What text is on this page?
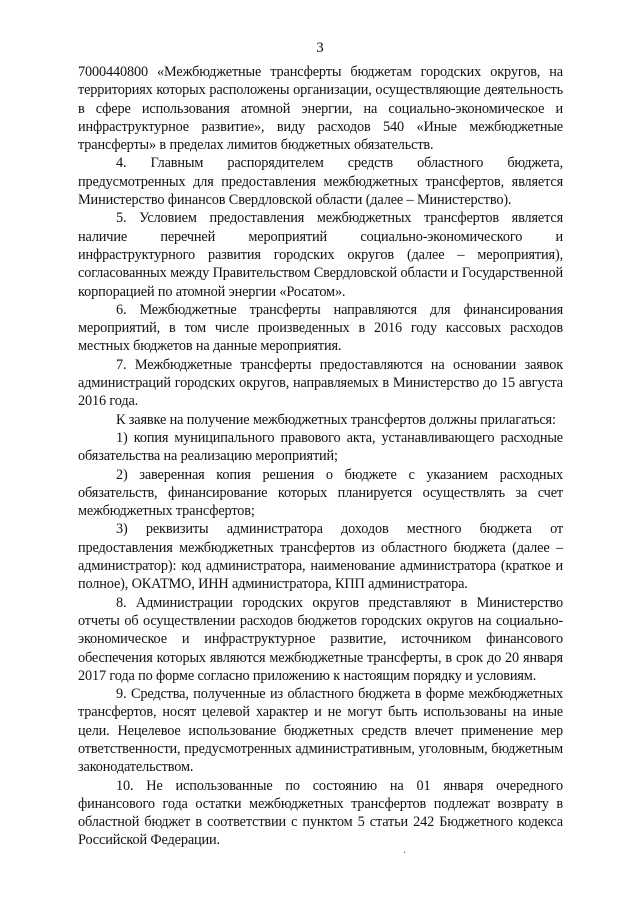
3

7000440800 «Межбюджетные трансферты бюджетам городских округов, на территориях которых расположены организации, осуществляющие деятельность в сфере использования атомной энергии, на социально-экономическое и инфраструктурное развитие», виду расходов 540 «Иные межбюджетные трансферты» в пределах лимитов бюджетных обязательств.

4. Главным распорядителем средств областного бюджета, предусмотренных для предоставления межбюджетных трансфертов, является Министерство финансов Свердловской области (далее – Министерство).

5. Условием предоставления межбюджетных трансфертов является наличие перечней мероприятий социально-экономического и инфраструктурного развития городских округов (далее – мероприятия), согласованных между Правительством Свердловской области и Государственной корпорацией по атомной энергии «Росатом».

6. Межбюджетные трансферты направляются для финансирования мероприятий, в том числе произведенных в 2016 году кассовых расходов местных бюджетов на данные мероприятия.

7. Межбюджетные трансферты предоставляются на основании заявок администраций городских округов, направляемых в Министерство до 15 августа 2016 года.

К заявке на получение межбюджетных трансфертов должны прилагаться:

1) копия муниципального правового акта, устанавливающего расходные обязательства на реализацию мероприятий;

2) заверенная копия решения о бюджете с указанием расходных обязательств, финансирование которых планируется осуществлять за счет межбюджетных трансфертов;

3) реквизиты администратора доходов местного бюджета от предоставления межбюджетных трансфертов из областного бюджета (далее – администратор): код администратора, наименование администратора (краткое и полное), ОКАТМО, ИНН администратора, КПП администратора.

8. Администрации городских округов представляют в Министерство отчеты об осуществлении расходов бюджетов городских округов на социально-экономическое и инфраструктурное развитие, источником финансового обеспечения которых являются межбюджетные трансферты, в срок до 20 января 2017 года по форме согласно приложению к настоящим порядку и условиям.

9. Средства, полученные из областного бюджета в форме межбюджетных трансфертов, носят целевой характер и не могут быть использованы на иные цели. Нецелевое использование бюджетных средств влечет применение мер ответственности, предусмотренных административным, уголовным, бюджетным законодательством.

10. Не использованные по состоянию на 01 января очередного финансового года остатки межбюджетных трансфертов подлежат возврату в областной бюджет в соответствии с пунктом 5 статьи 242 Бюджетного кодекса Российской Федерации.

·
